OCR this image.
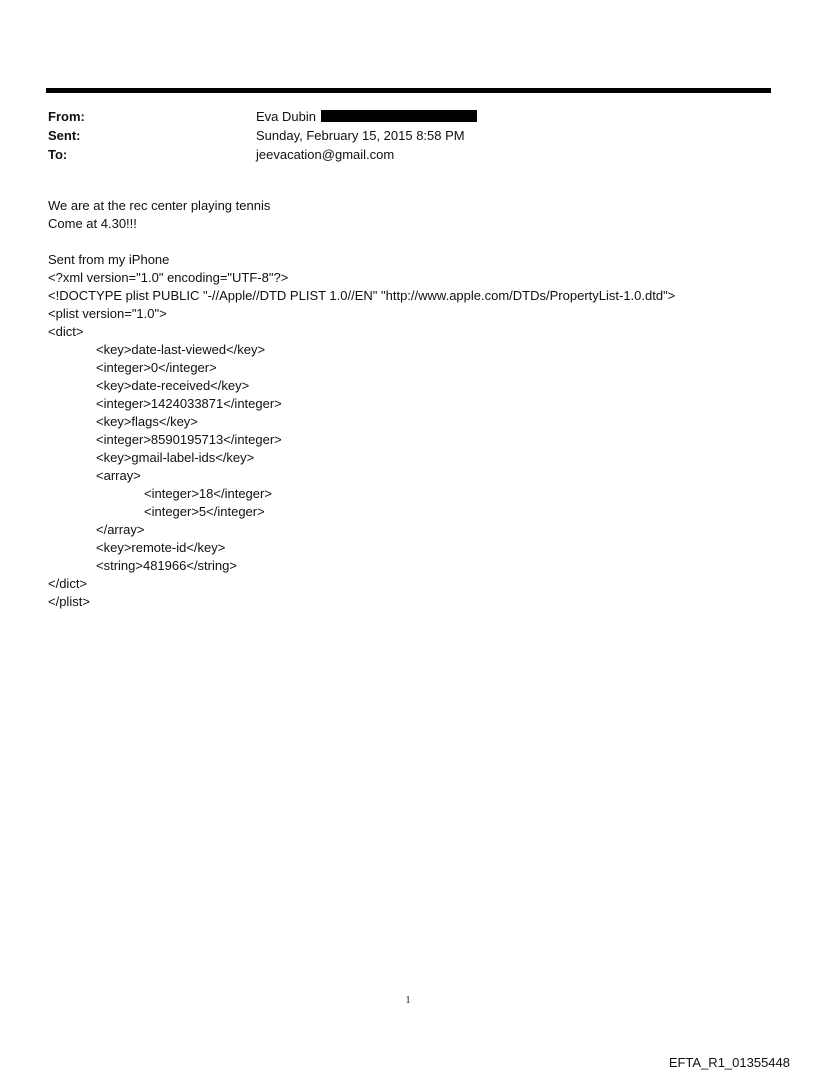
From:	Eva Dubin
Sent:	Sunday, February 15, 2015 8:58 PM
To:	jeevacation@gmail.com
We are at the rec center playing tennis
Come at 4.30!!!
Sent from my iPhone
<?xml version="1.0" encoding="UTF-8"?>
<!DOCTYPE plist PUBLIC "-//Apple//DTD PLIST 1.0//EN" "http://www.apple.com/DTDs/PropertyList-1.0.dtd">
<plist version="1.0">
<dict>
<key>date-last-viewed</key>
<integer>0</integer>
<key>date-received</key>
<integer>1424033871</integer>
<key>flags</key>
<integer>8590195713</integer>
<key>gmail-label-ids</key>
<array>
<integer>18</integer>
<integer>5</integer>
</array>
<key>remote-id</key>
<string>481966</string>
</dict>
</plist>
1
EFTA_R1_01355448
